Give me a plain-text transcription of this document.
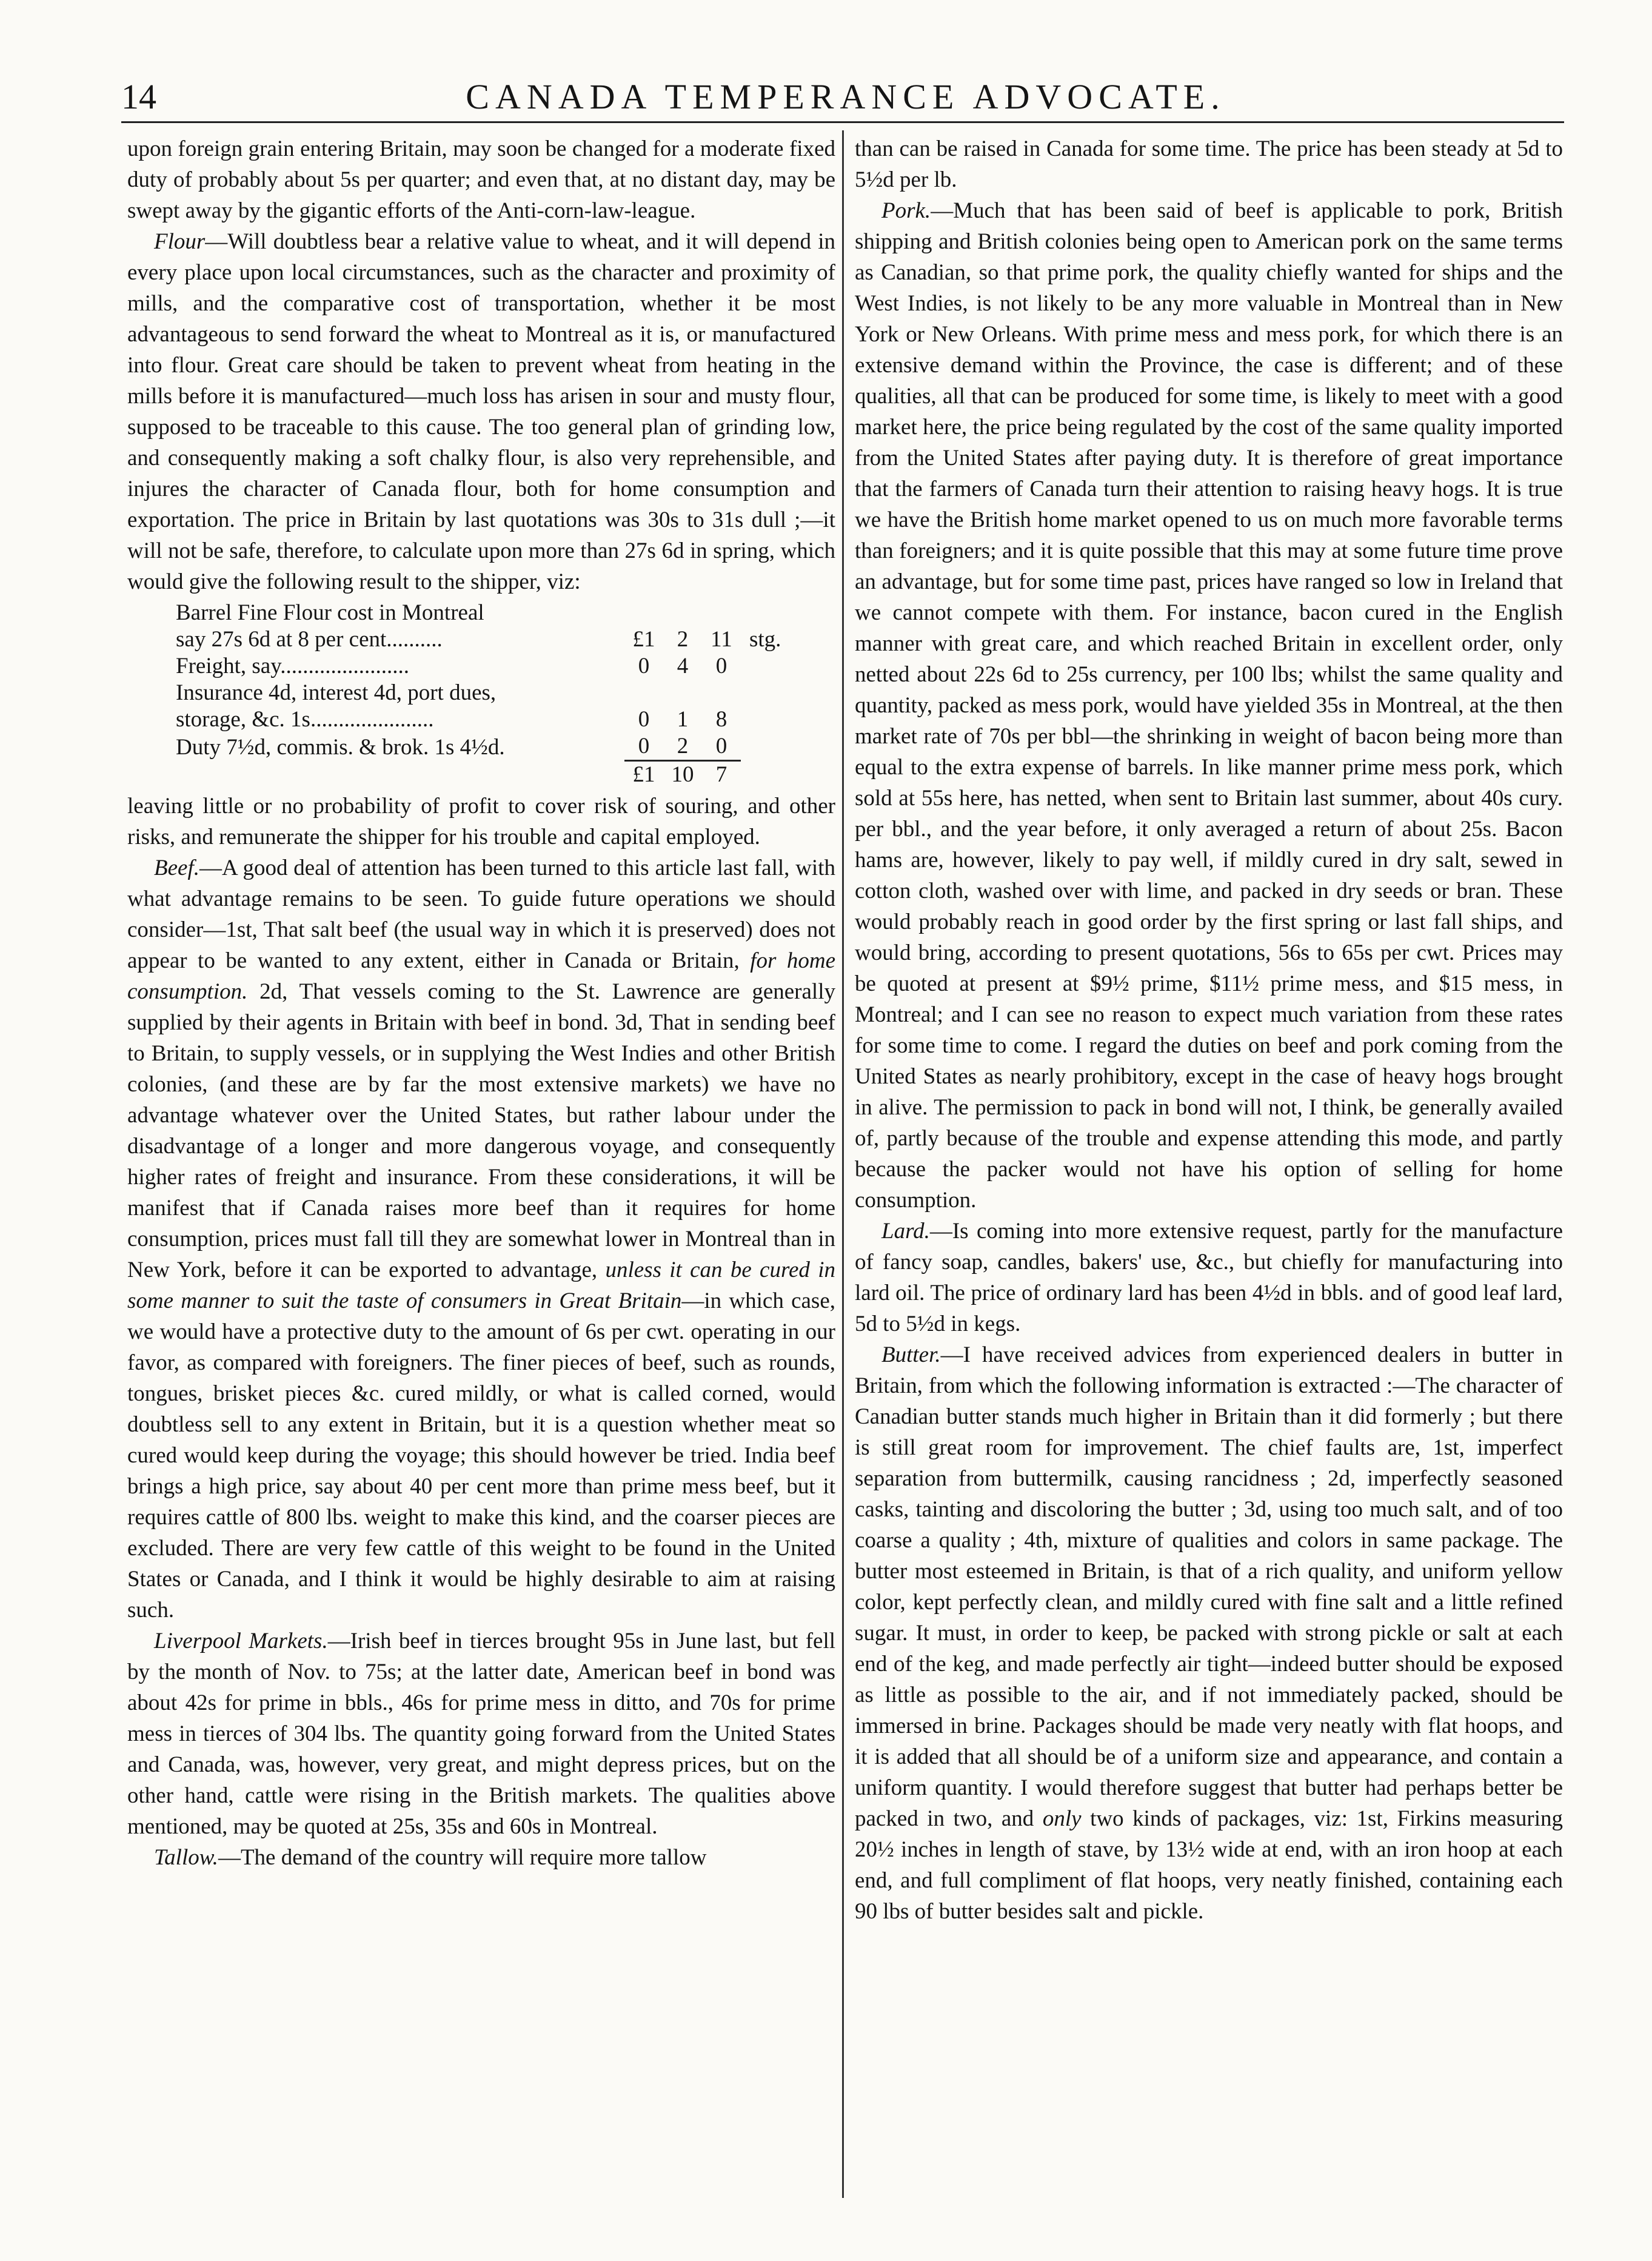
14	CANADA TEMPERANCE ADVOCATE.

upon foreign grain entering Britain, may soon be changed for a moderate fixed duty of probably about 5s per quarter; and even that, at no distant day, may be swept away by the gigantic efforts of the Anti-corn-law-league.

Flour—Will doubtless bear a relative value to wheat, and it will depend in every place upon local circumstances, such as the character and proximity of mills, and the comparative cost of transportation, whether it be most advantageous to send forward the wheat to Montreal as it is, or manufactured into flour. Great care should be taken to prevent wheat from heating in the mills before it is manufactured—much loss has arisen in sour and musty flour, supposed to be traceable to this cause. The too general plan of grinding low, and consequently making a soft chalky flour, is also very reprehensible, and injures the character of Canada flour, both for home consumption and exportation. The price in Britain by last quotations was 30s to 31s dull ;—it will not be safe, therefore, to calculate upon more than 27s 6d in spring, which would give the following result to the shipper, viz:

Barrel Fine Flour cost in Montreal				
say 27s 6d at 8 per cent..........	£1	2	11	stg.
Freight, say.......................	0	4	0	
Insurance 4d, interest 4d, port dues,				
storage, &c. 1s......................	0	1	8	
Duty 7½d, commis. & brok. 1s 4½d.	0	2	0	
	£1	10	7	

leaving little or no probability of profit to cover risk of souring, and other risks, and remunerate the shipper for his trouble and capital employed.

Beef.—A good deal of attention has been turned to this article last fall, with what advantage remains to be seen. To guide future operations we should consider—1st, That salt beef (the usual way in which it is preserved) does not appear to be wanted to any extent, either in Canada or Britain, for home consumption. 2d, That vessels coming to the St. Lawrence are generally supplied by their agents in Britain with beef in bond. 3d, That in sending beef to Britain, to supply vessels, or in supplying the West Indies and other British colonies, (and these are by far the most extensive markets) we have no advantage whatever over the United States, but rather labour under the disadvantage of a longer and more dangerous voyage, and consequently higher rates of freight and insurance. From these considerations, it will be manifest that if Canada raises more beef than it requires for home consumption, prices must fall till they are somewhat lower in Montreal than in New York, before it can be exported to advantage, unless it can be cured in some manner to suit the taste of consumers in Great Britain—in which case, we would have a protective duty to the amount of 6s per cwt. operating in our favor, as compared with foreigners. The finer pieces of beef, such as rounds, tongues, brisket pieces &c. cured mildly, or what is called corned, would doubtless sell to any extent in Britain, but it is a question whether meat so cured would keep during the voyage; this should however be tried. India beef brings a high price, say about 40 per cent more than prime mess beef, but it requires cattle of 800 lbs. weight to make this kind, and the coarser pieces are excluded. There are very few cattle of this weight to be found in the United States or Canada, and I think it would be highly desirable to aim at raising such.

Liverpool Markets.—Irish beef in tierces brought 95s in June last, but fell by the month of Nov. to 75s; at the latter date, American beef in bond was about 42s for prime in bbls., 46s for prime mess in ditto, and 70s for prime mess in tierces of 304 lbs. The quantity going forward from the United States and Canada, was, however, very great, and might depress prices, but on the other hand, cattle were rising in the British markets. The qualities above mentioned, may be quoted at 25s, 35s and 60s in Montreal.

Tallow.—The demand of the country will require more tallow

than can be raised in Canada for some time. The price has been steady at 5d to 5½d per lb.

Pork.—Much that has been said of beef is applicable to pork, British shipping and British colonies being open to American pork on the same terms as Canadian, so that prime pork, the quality chiefly wanted for ships and the West Indies, is not likely to be any more valuable in Montreal than in New York or New Orleans. With prime mess and mess pork, for which there is an extensive demand within the Province, the case is different; and of these qualities, all that can be produced for some time, is likely to meet with a good market here, the price being regulated by the cost of the same quality imported from the United States after paying duty. It is therefore of great importance that the farmers of Canada turn their attention to raising heavy hogs. It is true we have the British home market opened to us on much more favorable terms than foreigners; and it is quite possible that this may at some future time prove an advantage, but for some time past, prices have ranged so low in Ireland that we cannot compete with them. For instance, bacon cured in the English manner with great care, and which reached Britain in excellent order, only netted about 22s 6d to 25s currency, per 100 lbs; whilst the same quality and quantity, packed as mess pork, would have yielded 35s in Montreal, at the then market rate of 70s per bbl—the shrinking in weight of bacon being more than equal to the extra expense of barrels. In like manner prime mess pork, which sold at 55s here, has netted, when sent to Britain last summer, about 40s cury. per bbl., and the year before, it only averaged a return of about 25s. Bacon hams are, however, likely to pay well, if mildly cured in dry salt, sewed in cotton cloth, washed over with lime, and packed in dry seeds or bran. These would probably reach in good order by the first spring or last fall ships, and would bring, according to present quotations, 56s to 65s per cwt. Prices may be quoted at present at $9½ prime, $11½ prime mess, and $15 mess, in Montreal; and I can see no reason to expect much variation from these rates for some time to come. I regard the duties on beef and pork coming from the United States as nearly prohibitory, except in the case of heavy hogs brought in alive. The permission to pack in bond will not, I think, be generally availed of, partly because of the trouble and expense attending this mode, and partly because the packer would not have his option of selling for home consumption.

Lard.—Is coming into more extensive request, partly for the manufacture of fancy soap, candles, bakers' use, &c., but chiefly for manufacturing into lard oil. The price of ordinary lard has been 4½d in bbls. and of good leaf lard, 5d to 5½d in kegs.

Butter.—I have received advices from experienced dealers in butter in Britain, from which the following information is extracted :—The character of Canadian butter stands much higher in Britain than it did formerly ; but there is still great room for improvement. The chief faults are, 1st, imperfect separation from buttermilk, causing rancidness ; 2d, imperfectly seasoned casks, tainting and discoloring the butter ; 3d, using too much salt, and of too coarse a quality ; 4th, mixture of qualities and colors in same package. The butter most esteemed in Britain, is that of a rich quality, and uniform yellow color, kept perfectly clean, and mildly cured with fine salt and a little refined sugar. It must, in order to keep, be packed with strong pickle or salt at each end of the keg, and made perfectly air tight—indeed butter should be exposed as little as possible to the air, and if not immediately packed, should be immersed in brine. Packages should be made very neatly with flat hoops, and it is added that all should be of a uniform size and appearance, and contain a uniform quantity. I would therefore suggest that butter had perhaps better be packed in two, and only two kinds of packages, viz: 1st, Firkins measuring 20½ inches in length of stave, by 13½ wide at end, with an iron hoop at each end, and full compliment of flat hoops, very neatly finished, containing each 90 lbs of butter besides salt and pickle.
